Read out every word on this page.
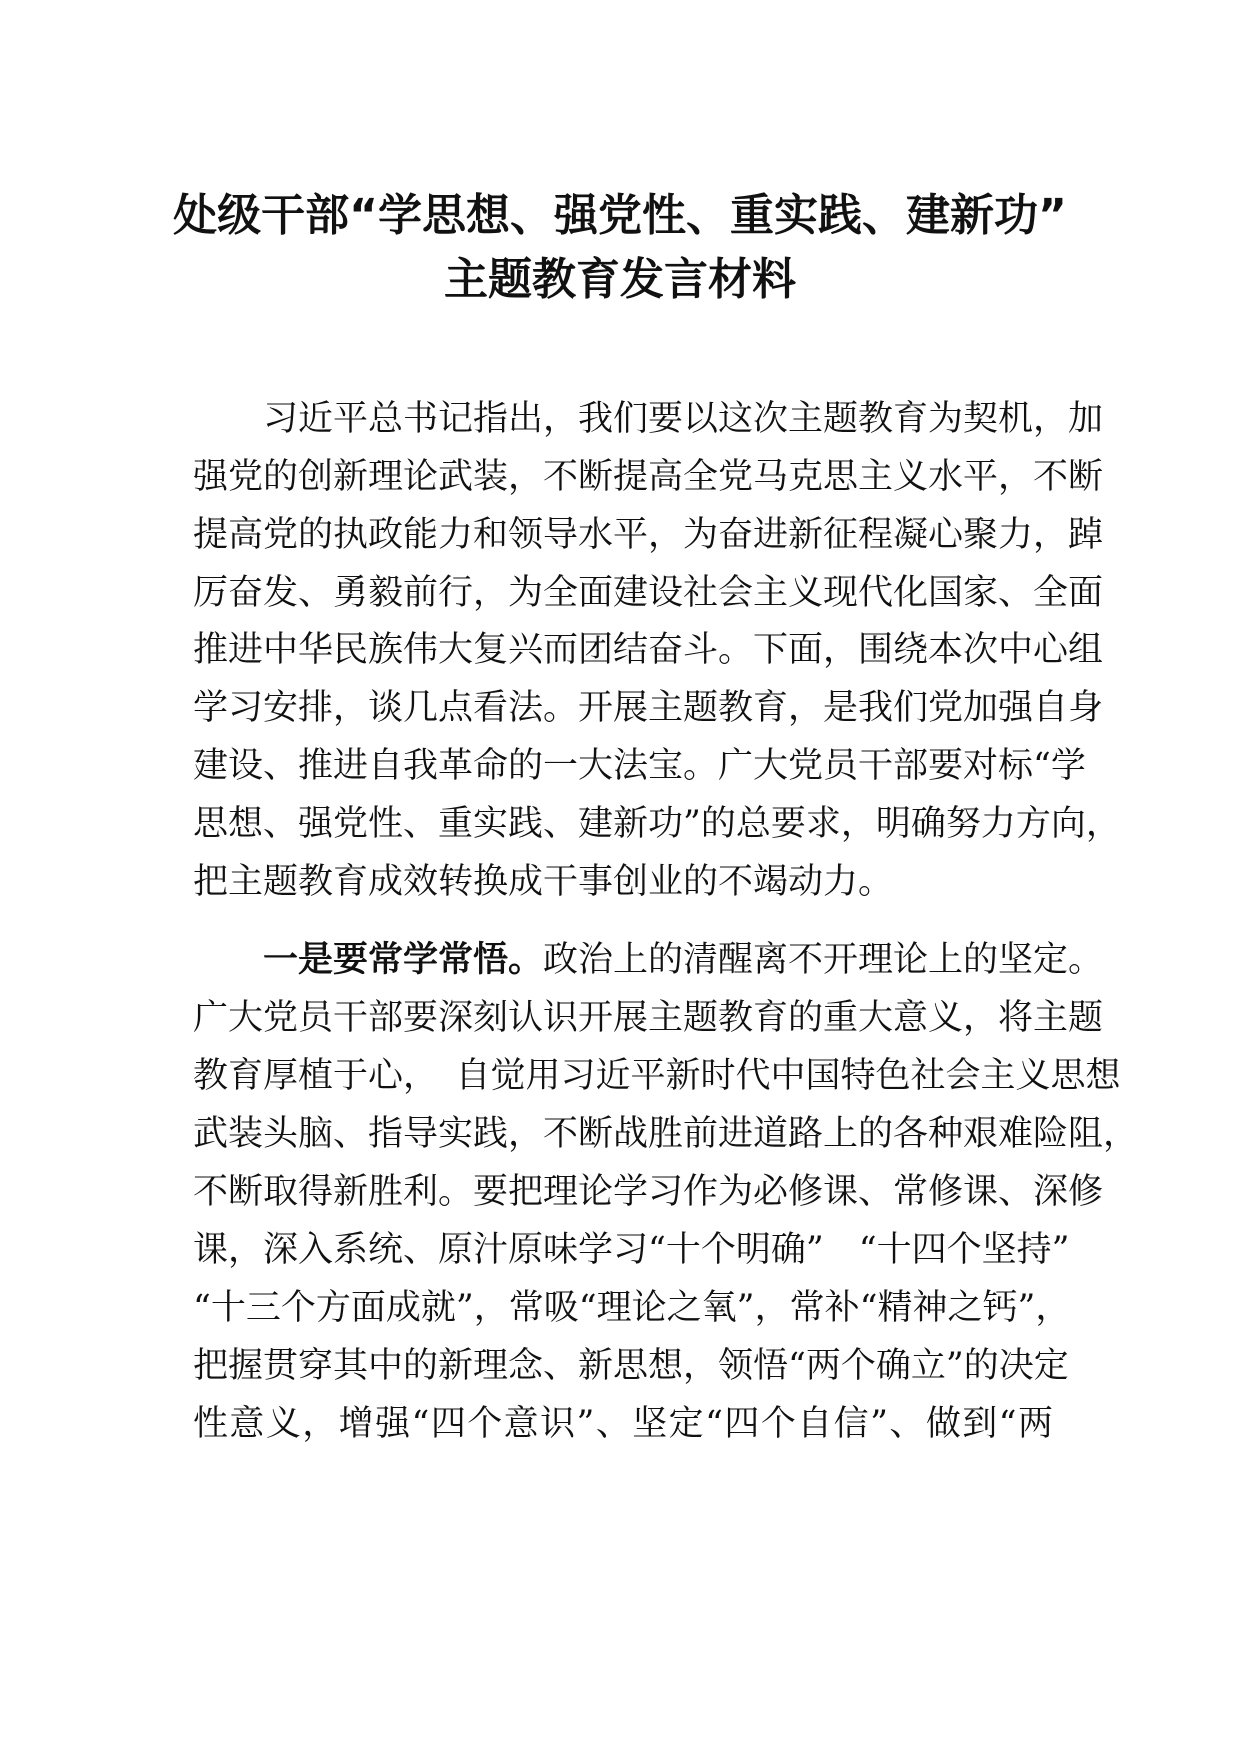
处级干部“学思想、强党性、重实践、建新功”
主题教育发言材料

习近平总书记指出，我们要以这次主题教育为契机，加

强党的创新理论武装，不断提高全党马克思主义水平，不断

提高党的执政能力和领导水平，为奋进新征程凝心聚力，踔

厉奋发、勇毅前行，为全面建设社会主义现代化国家、全面

推进中华民族伟大复兴而团结奋斗。下面，围绕本次中心组

学习安排，谈几点看法。开展主题教育，是我们党加强自身

建设、推进自我革命的一大法宝。广大党员干部要对标“学

思想、强党性、重实践、建新功”的总要求，明确努力方向，

把主题教育成效转换成干事创业的不竭动力。

一是要常学常悟。政治上的清醒离不开理论上的坚定。

广大党员干部要深刻认识开展主题教育的重大意义，将主题

教育厚植于心，　自觉用习近平新时代中国特色社会主义思想

武装头脑、指导实践，不断战胜前进道路上的各种艰难险阻，

不断取得新胜利。要把理论学习作为必修课、常修课、深修

课，深入系统、原汁原味学习“十个明确”　“十四个坚持”

“十三个方面成就”，常吸“理论之氧”，常补“精神之钙”，

把握贯穿其中的新理念、新思想，领悟“两个确立”的决定

性意义，增强“四个意识”、坚定“四个自信”、做到“两
